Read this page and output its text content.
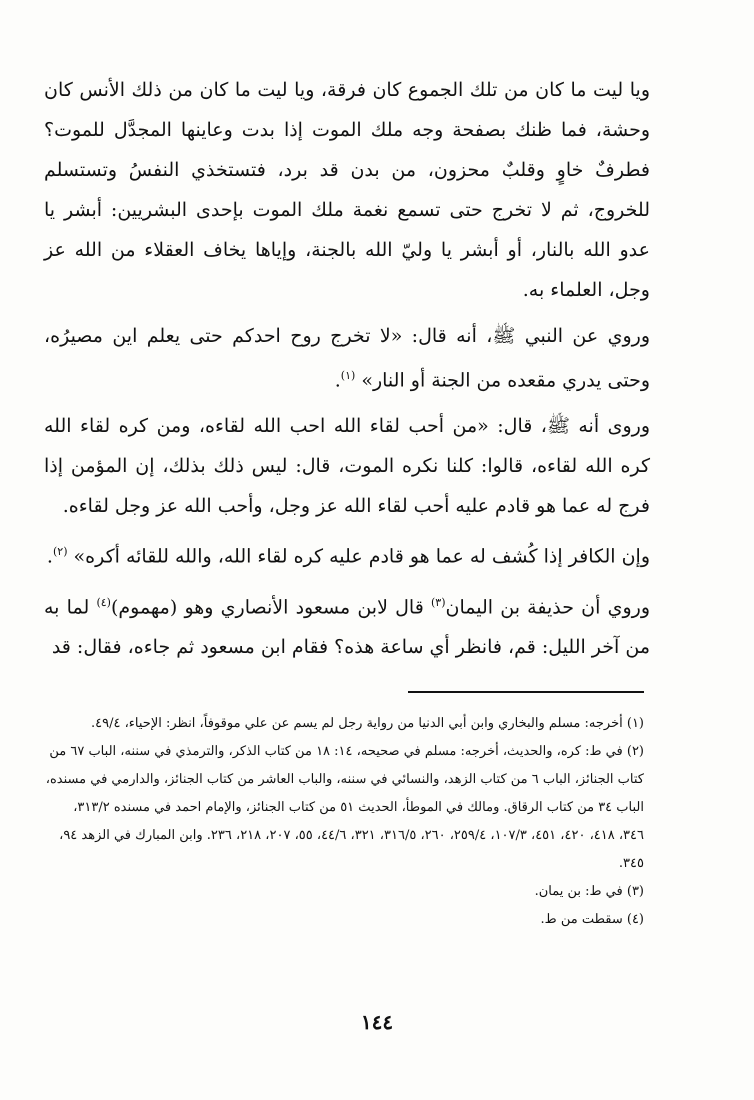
ويا ليت ما كان من تلك الجموع كان فرقة، ويا ليت ما كان من ذلك الأنس كان وحشة، فما ظنك بصفحة وجه ملك الموت إذا بدت وعاينها المجدَّل للموت؟ فطرفٌ خاوٍ وقلبٌ محزون، من بدن قد برد، فتستخذي النفسُ وتستسلم للخروج، ثم لا تخرج حتى تسمع نغمة ملك الموت بإحدى البشريين: أبشر يا عدو الله بالنار، أو أبشر يا وليّ الله بالجنة، وإياها يخاف العقلاء من الله عز وجل، العلماء به.

وروي عن النبي ﷺ، أنه قال: «لا تخرج روح احدكم حتى يعلم اين مصيرُه، وحتى يدري مقعده من الجنة أو النار» $^{(١)}$.

وروى أنه ﷺ، قال: «من أحب لقاء الله احب الله لقاءه، ومن كره لقاء الله كره الله لقاءه، قالوا: كلنا نكره الموت، قال: ليس ذلك بذلك، إن المؤمن إذا فرج له عما هو قادم عليه أحب لقاء الله عز وجل، وأحب الله عز وجل لقاءه.

وإن الكافر إذا كُشف له عما هو قادم عليه كره لقاء الله، والله للقائه أكره» $^{(٢)}$.

وروي أن حذيفة بن اليمان$^{(٣)}$ قال لابن مسعود الأنصاري وهو (مهموم)$^{(٤)}$ لما به من آخر الليل: قم، فانظر أي ساعة هذه؟ فقام ابن مسعود ثم جاءه، فقال: قد

(١) أخرجه: مسلم والبخاري وابن أبي الدنيا من رواية رجل لم يسم عن علي موقوفاً، انظر: الإحياء، ٤٩/٤.

(٢) في ط: كره، والحديث، أخرجه: مسلم في صحيحه، ١٤: ١٨ من كتاب الذكر، والترمذي في سننه، الباب ٦٧ من كتاب الجنائز، الباب ٦ من كتاب الزهد، والنسائي في سننه، والباب العاشر من كتاب الجنائز، والدارمي في مسنده، الباب ٣٤ من كتاب الرقاق. ومالك في الموطأ، الحديث ٥١ من كتاب الجنائز، والإمام احمد في مسنده ٣١٣/٢، ٣٤٦، ٤١٨، ٤٢٠، ٤٥١، ١٠٧/٣، ٢٥٩/٤، ٢٦٠، ٣١٦/٥، ٣٢١، ٤٤/٦، ٥٥، ٢٠٧، ٢١٨، ٢٣٦. وابن المبارك في الزهد ٩٤، ٣٤٥.

(٣) في ط: بن يمان.

(٤) سقطت من ط.

١٤٤
